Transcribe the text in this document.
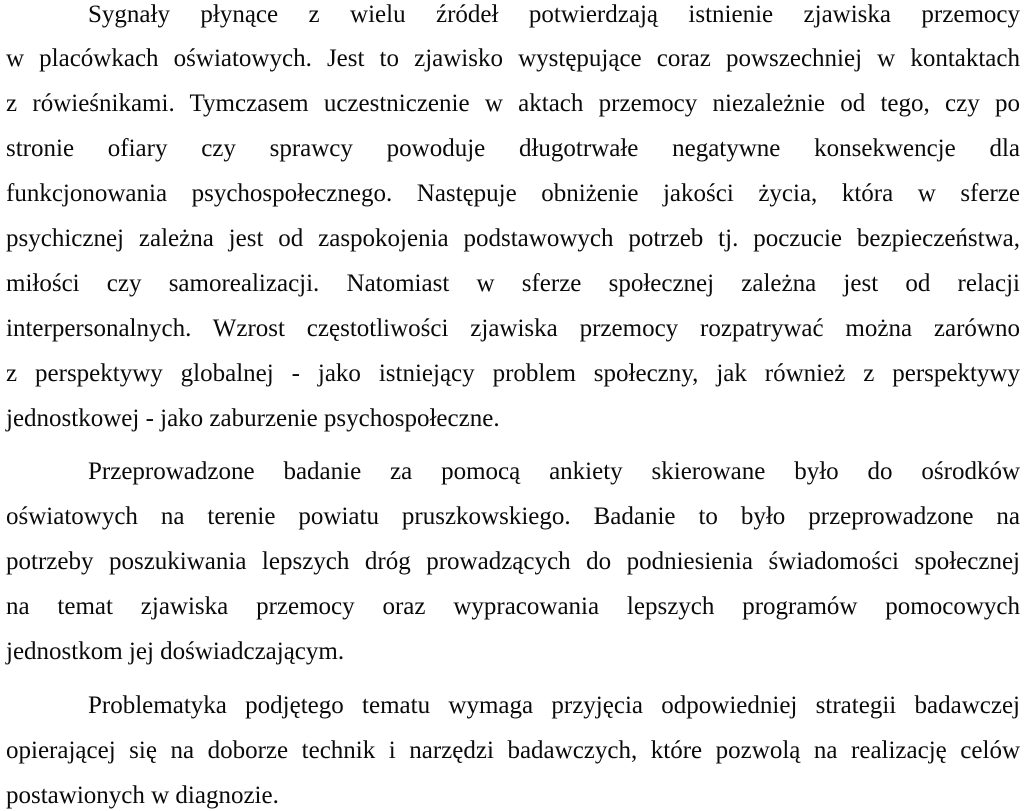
Sygnały płynące z wielu źródeł potwierdzają istnienie zjawiska przemocy
w placówkach oświatowych. Jest to zjawisko występujące coraz powszechniej w kontaktach
z rówieśnikami. Tymczasem uczestniczenie w aktach przemocy niezależnie od tego, czy po
stronie ofiary czy sprawcy powoduje długotrwałe negatywne konsekwencje dla
funkcjonowania psychospołecznego. Następuje obniżenie jakości życia, która w sferze
psychicznej zależna jest od zaspokojenia podstawowych potrzeb tj. poczucie bezpieczeństwa,
miłości czy samorealizacji. Natomiast w sferze społecznej zależna jest od relacji
interpersonalnych. Wzrost częstotliwości zjawiska przemocy rozpatrywać można zarówno
z perspektywy globalnej - jako istniejący problem społeczny, jak również z perspektywy
jednostkowej - jako zaburzenie psychospołeczne.
Przeprowadzone badanie za pomocą ankiety skierowane było do ośrodków
oświatowych na terenie powiatu pruszkowskiego. Badanie to było przeprowadzone na
potrzeby poszukiwania lepszych dróg prowadzących do podniesienia świadomości społecznej
na temat zjawiska przemocy oraz wypracowania lepszych programów pomocowych
jednostkom jej doświadczającym.
Problematyka podjętego tematu wymaga przyjęcia odpowiedniej strategii badawczej
opierającej się na doborze technik i narzędzi badawczych, które pozwolą na realizację celów
postawionych w diagnozie.
